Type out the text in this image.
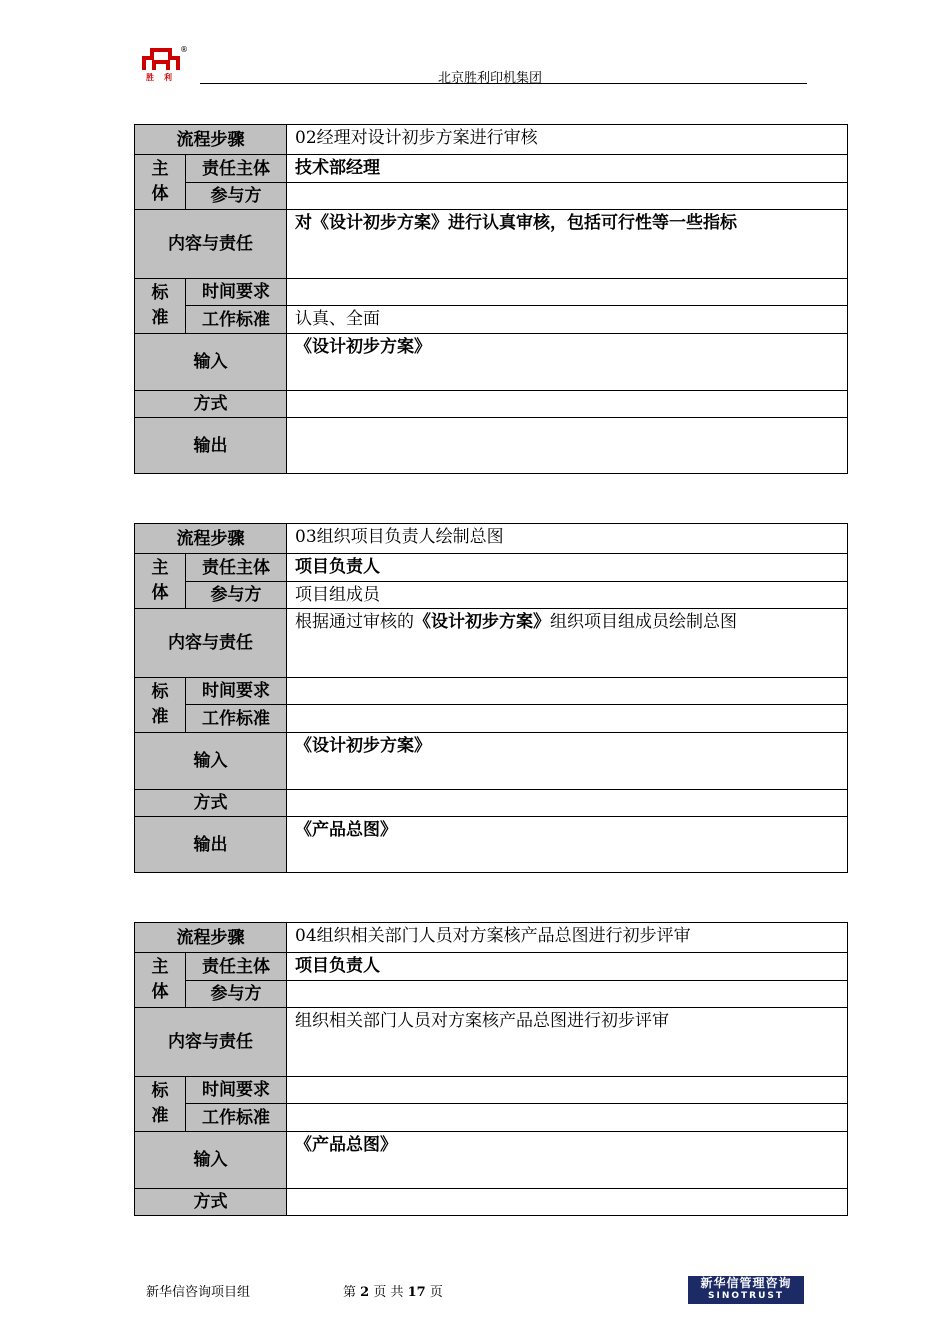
®
胜利	北京胜利印机集团
流程步骤		02经理对设计初步方案进行审核
主
体	责任主体	技术部经理
	参与方	
内容与责任		对《设计初步方案》进行认真审核，包括可行性等一些指标
标
准	时间要求	
	工作标准	认真、全面
输入		《设计初步方案》
方式		
输出		
流程步骤		03组织项目负责人绘制总图
主
体	责任主体	项目负责人
	参与方	项目组成员
内容与责任		根据通过审核的《设计初步方案》组织项目组成员绘制总图
标
准	时间要求	
	工作标准	
输入		《设计初步方案》
方式		
输出		《产品总图》
流程步骤		04组织相关部门人员对方案核产品总图进行初步评审
主
体	责任主体	项目负责人
	参与方	
内容与责任		组织相关部门人员对方案核产品总图进行初步评审
标
准	时间要求	
	工作标准	
输入		《产品总图》
方式		
新华信咨询项目组	第 2 页 共 17 页
新华信管理咨询
SINOTRUST
